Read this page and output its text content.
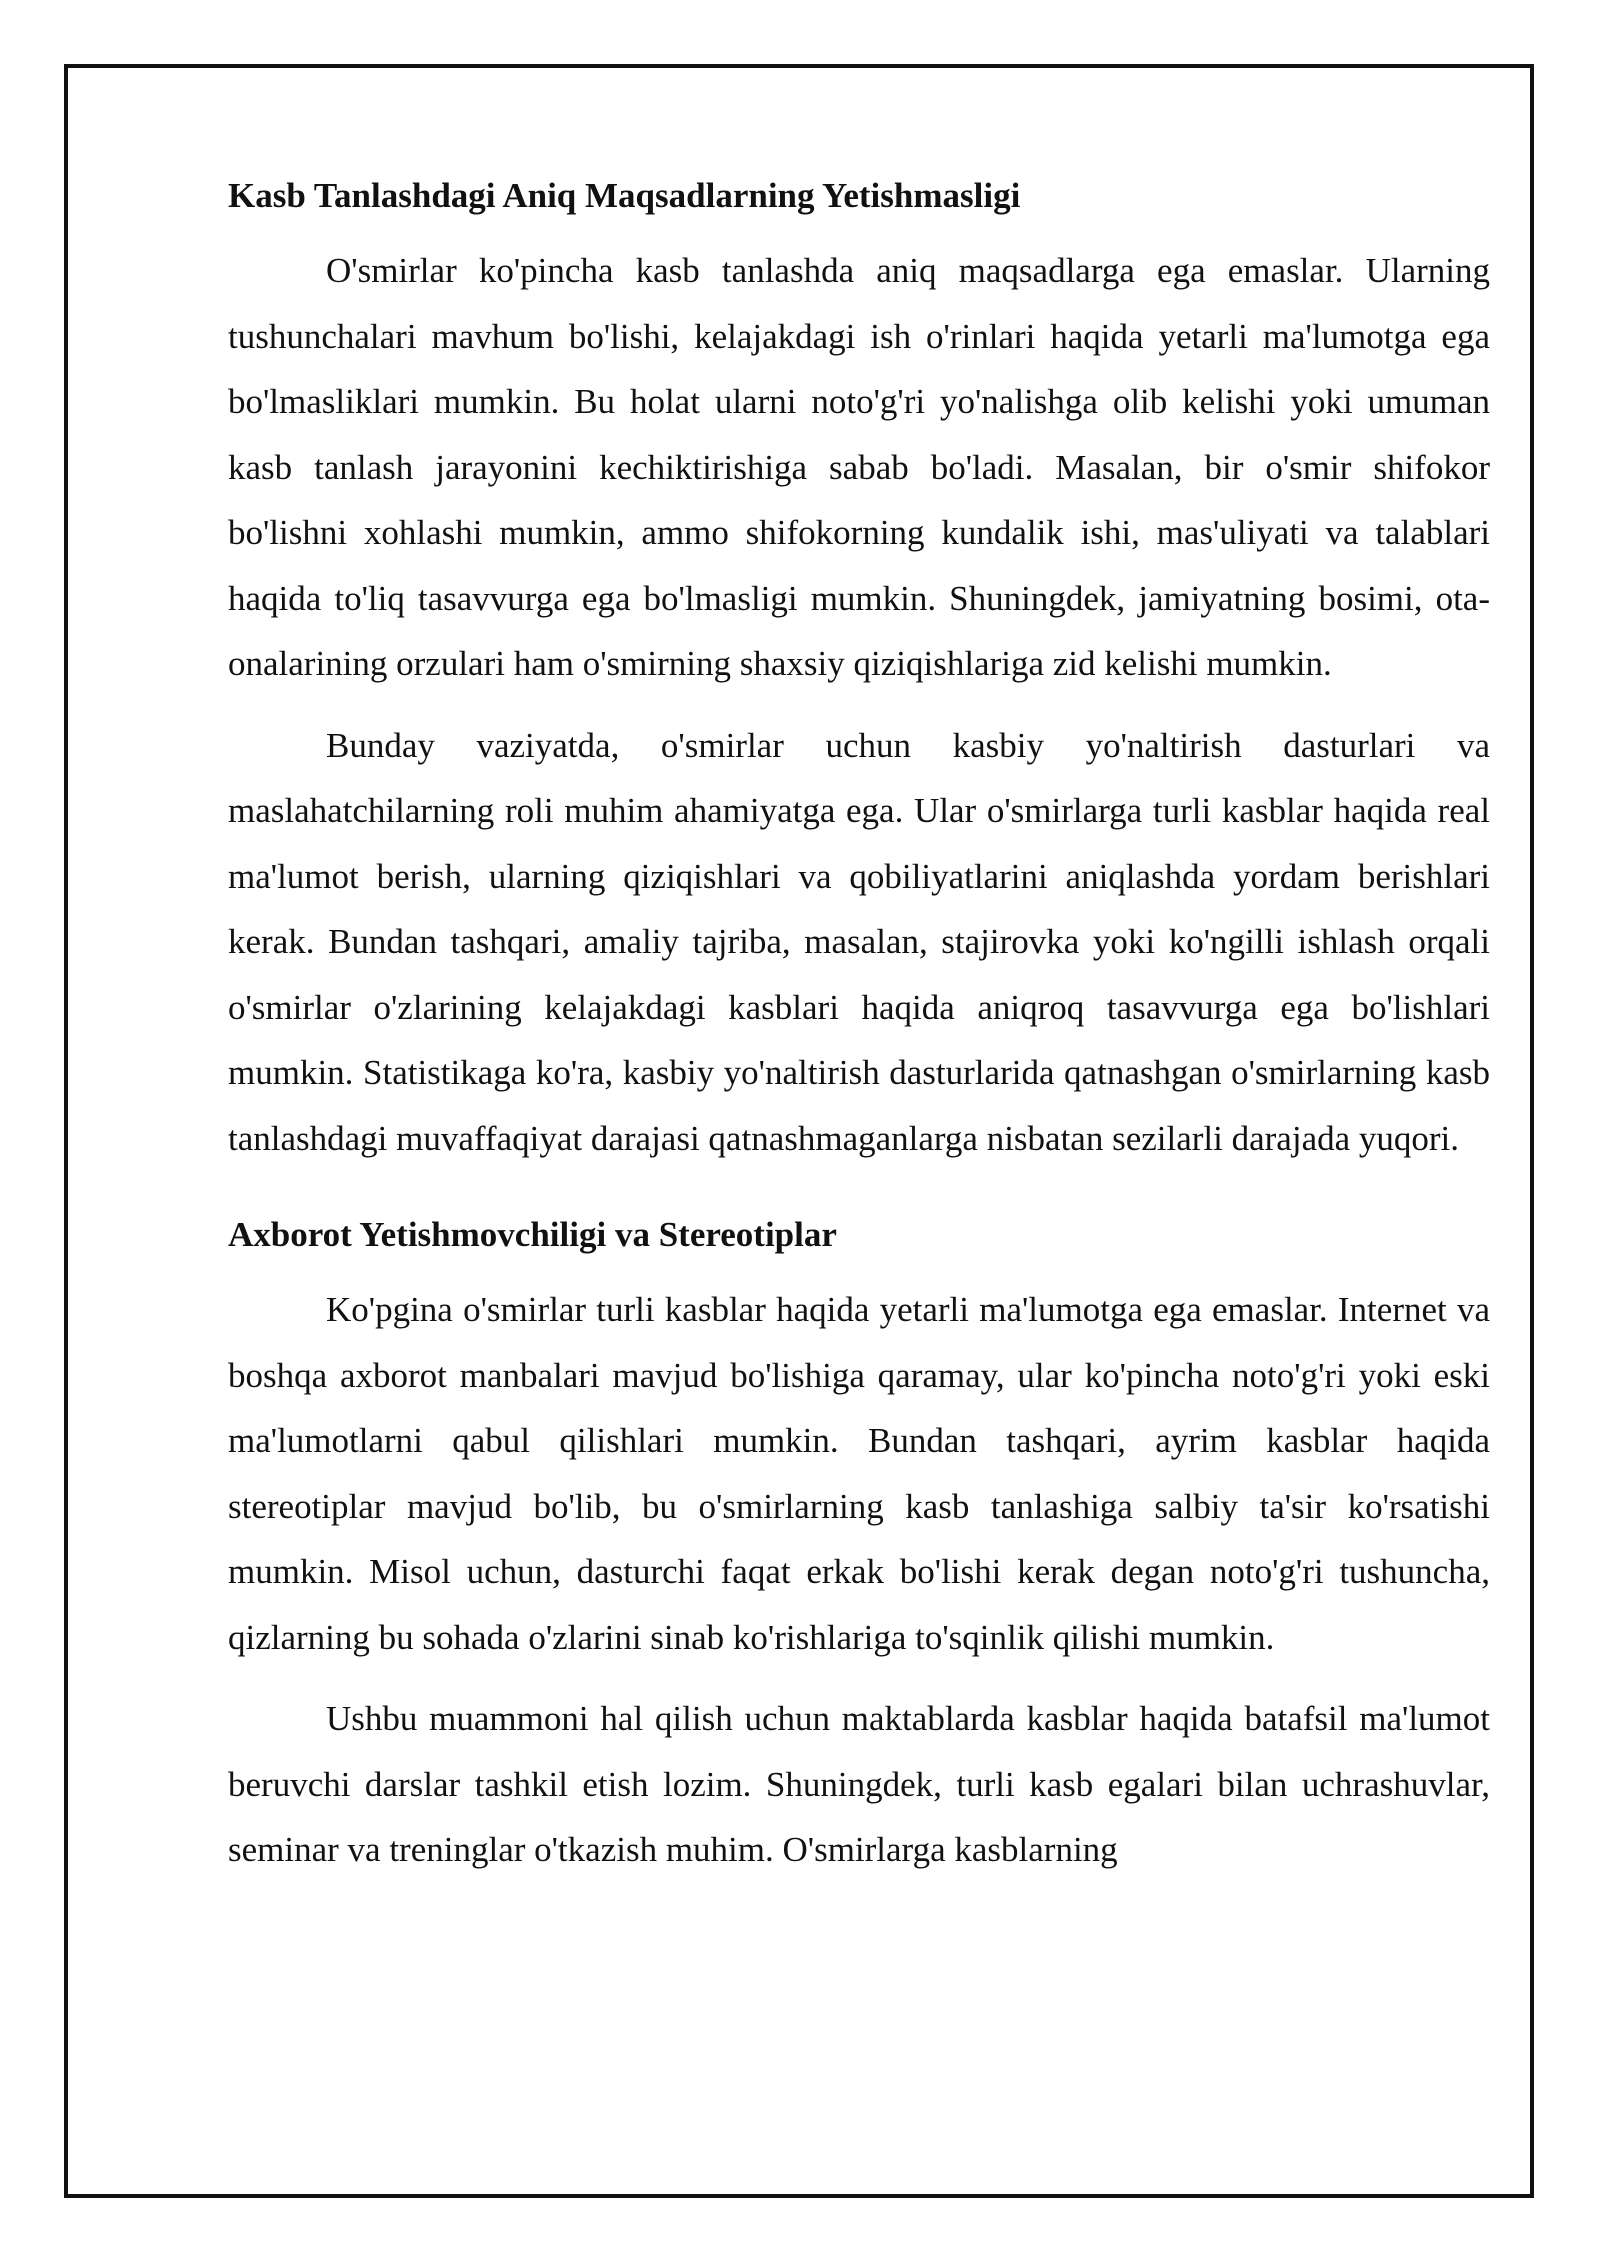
Kasb Tanlashdagi Aniq Maqsadlarning Yetishmasligi

O'smirlar ko'pincha kasb tanlashda aniq maqsadlarga ega emaslar. Ularning tushunchalari mavhum bo'lishi, kelajakdagi ish o'rinlari haqida yetarli ma'lumotga ega bo'lmasliklari mumkin. Bu holat ularni noto'g'ri yo'nalishga olib kelishi yoki umuman kasb tanlash jarayonini kechiktirishiga sabab bo'ladi. Masalan, bir o'smir shifokor bo'lishni xohlashi mumkin, ammo shifokorning kundalik ishi, mas'uliyati va talablari haqida to'liq tasavvurga ega bo'lmasligi mumkin. Shuningdek, jamiyatning bosimi, ota-onalarining orzulari ham o'smirning shaxsiy qiziqishlariga zid kelishi mumkin.

Bunday vaziyatda, o'smirlar uchun kasbiy yo'naltirish dasturlari va maslahatchilarning roli muhim ahamiyatga ega. Ular o'smirlarga turli kasblar haqida real ma'lumot berish, ularning qiziqishlari va qobiliyatlarini aniqlashda yordam berishlari kerak. Bundan tashqari, amaliy tajriba, masalan, stajirovka yoki ko'ngilli ishlash orqali o'smirlar o'zlarining kelajakdagi kasblari haqida aniqroq tasavvurga ega bo'lishlari mumkin. Statistikaga ko'ra, kasbiy yo'naltirish dasturlarida qatnashgan o'smirlarning kasb tanlashdagi muvaffaqiyat darajasi qatnashmaganlarga nisbatan sezilarli darajada yuqori.

Axborot Yetishmovchiligi va Stereotiplar

Ko'pgina o'smirlar turli kasblar haqida yetarli ma'lumotga ega emaslar. Internet va boshqa axborot manbalari mavjud bo'lishiga qaramay, ular ko'pincha noto'g'ri yoki eski ma'lumotlarni qabul qilishlari mumkin. Bundan tashqari, ayrim kasblar haqida stereotiplar mavjud bo'lib, bu o'smirlarning kasb tanlashiga salbiy ta'sir ko'rsatishi mumkin. Misol uchun, dasturchi faqat erkak bo'lishi kerak degan noto'g'ri tushuncha, qizlarning bu sohada o'zlarini sinab ko'rishlariga to'sqinlik qilishi mumkin.

Ushbu muammoni hal qilish uchun maktablarda kasblar haqida batafsil ma'lumot beruvchi darslar tashkil etish lozim. Shuningdek, turli kasb egalari bilan uchrashuvlar, seminar va treninglar o'tkazish muhim. O'smirlarga kasblarning
